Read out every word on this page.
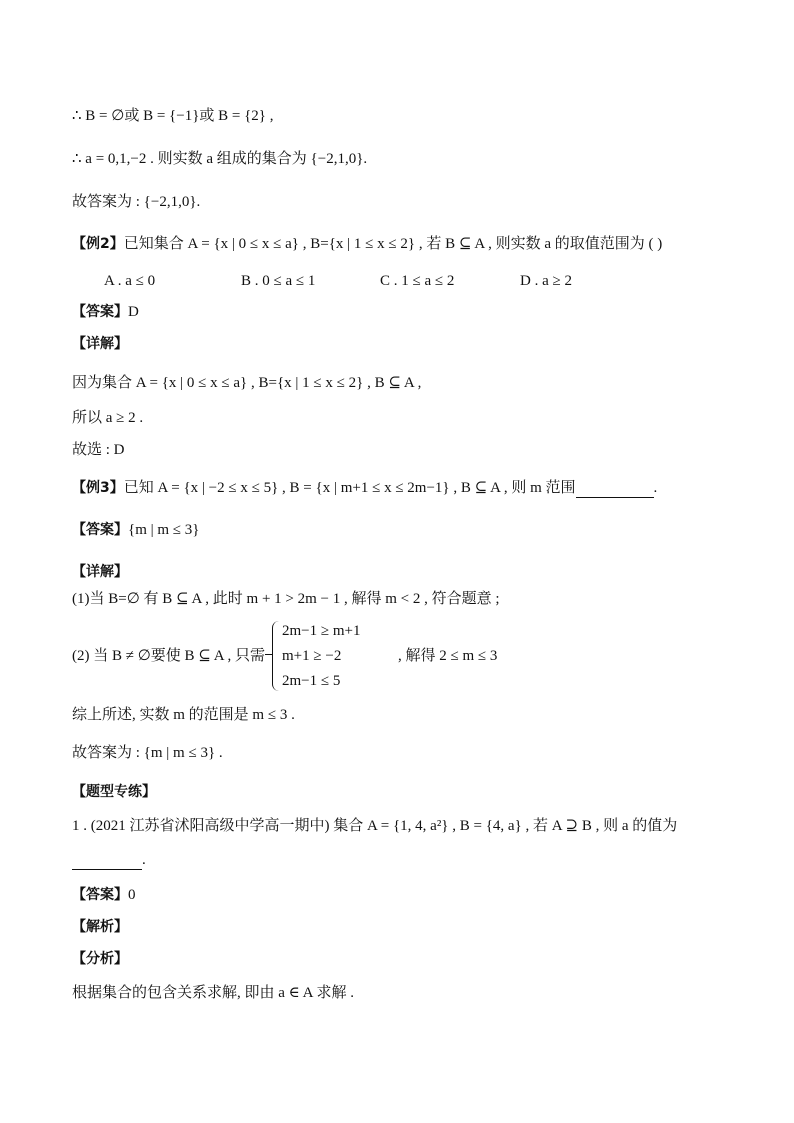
∴ B = ∅或 B = {−1}或 B = {2} ,
∴ a = 0,1,−2 . 则实数 a 组成的集合为 {−2,1,0}.
故答案为 : {−2,1,0}.
【例2】已知集合 A = {x | 0 ≤ x ≤ a} , B={x | 1 ≤ x ≤ 2} , 若 B ⊆ A , 则实数 a 的取值范围为 ( )
A . a ≤ 0	B . 0 ≤ a ≤ 1	C . 1 ≤ a ≤ 2	D . a ≥ 2
【答案】D
【详解】
因为集合 A = {x | 0 ≤ x ≤ a} , B={x | 1 ≤ x ≤ 2} , B ⊆ A ,
所以 a ≥ 2 .
故选 : D
【例3】已知 A = {x | −2 ≤ x ≤ 5} , B = {x | m+1 ≤ x ≤ 2m−1} , B ⊆ A , 则 m 范围	.
【答案】{m | m ≤ 3}
【详解】
(1)当 B=∅ 有 B ⊆ A , 此时 m + 1 > 2m − 1 , 解得 m < 2 , 符合题意 ;
(2) 当 B ≠ ∅要使 B ⊆ A , 只需
2m−1 ≥ m+1
m+1 ≥ −2
2m−1 ≤ 5
, 解得 2 ≤ m ≤ 3
综上所述, 实数 m 的范围是 m ≤ 3 .
故答案为 : {m | m ≤ 3} .
【题型专练】
1 . (2021 江苏省沭阳高级中学高一期中) 集合 A = {1, 4, a²} , B = {4, a} , 若 A ⊇ B , 则 a 的值为
.
【答案】0
【解析】
【分析】
根据集合的包含关系求解, 即由 a ∈ A 求解 .
